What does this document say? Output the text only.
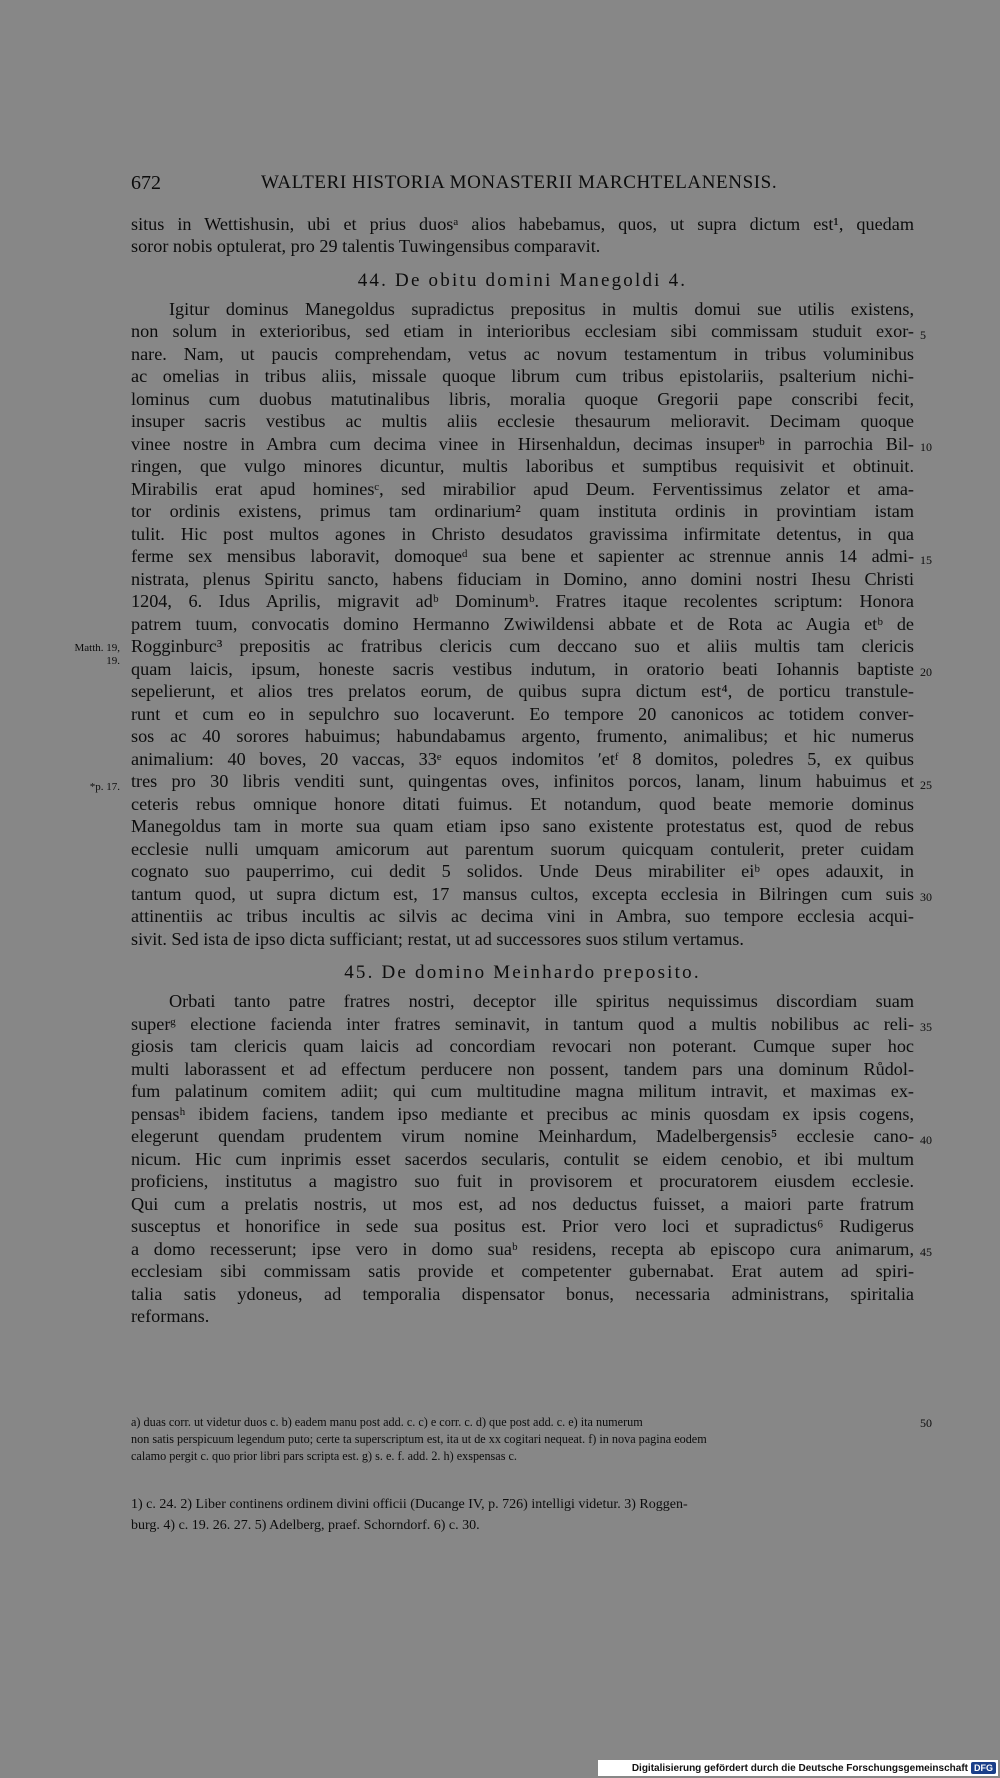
672	WALTERI HISTORIA MONASTERII MARCHTELANENSIS.
situs in Wettishusin, ubi et prius duosᵃ alios habebamus, quos, ut supra dictum est¹, quedam
soror nobis optulerat, pro 29 talentis Tuwingensibus comparavit.
44. De obitu domini Manegoldi 4.
Igitur dominus Manegoldus supradictus prepositus in multis domui sue utilis existens,
non solum in exterioribus, sed etiam in interioribus ecclesiam sibi commissam studuit exor-
nare. Nam, ut paucis comprehendam, vetus ac novum testamentum in tribus voluminibus
ac omelias in tribus aliis, missale quoque librum cum tribus epistolariis, psalterium nichi-
lominus cum duobus matutinalibus libris, moralia quoque Gregorii pape conscribi fecit,
insuper sacris vestibus ac multis aliis ecclesie thesaurum melioravit. Decimam quoque
vinee nostre in Ambra cum decima vinee in Hirsenhaldun, decimas insuperᵇ in parrochia Bil-
ringen, que vulgo minores dicuntur, multis laboribus et sumptibus requisivit et obtinuit.
Mirabilis erat apud hominesᶜ, sed mirabilior apud Deum. Ferventissimus zelator et ama-
tor ordinis existens, primus tam ordinarium² quam instituta ordinis in provintiam istam
tulit. Hic post multos agones in Christo desudatos gravissima infirmitate detentus, in qua
ferme sex mensibus laboravit, domoqueᵈ sua bene et sapienter ac strennue annis 14 admi-
nistrata, plenus Spiritu sancto, habens fiduciam in Domino, anno domini nostri Ihesu Christi
1204, 6. Idus Aprilis, migravit adᵇ Dominumᵇ. Fratres itaque recolentes scriptum: Honora
patrem tuum, convocatis domino Hermanno Zwiwildensi abbate et de Rota ac Augia etᵇ de
Rogginburc³ prepositis ac fratribus clericis cum deccano suo et aliis multis tam clericis
quam laicis, ipsum, honeste sacris vestibus indutum, in oratorio beati Iohannis baptiste
sepelierunt, et alios tres prelatos eorum, de quibus supra dictum est⁴, de porticu transtule-
runt et cum eo in sepulchro suo locaverunt. Eo tempore 20 canonicos ac totidem conver-
sos ac 40 sorores habuimus; habundabamus argento, frumento, animalibus; et hic numerus
animalium: 40 boves, 20 vaccas, 33ᵉ equos indomitos ʹetᶠ 8 domitos, poledres 5, ex quibus
tres pro 30 libris venditi sunt, quingentas oves, infinitos porcos, lanam, linum habuimus et
ceteris rebus omnique honore ditati fuimus. Et notandum, quod beate memorie dominus
Manegoldus tam in morte sua quam etiam ipso sano existente protestatus est, quod de rebus
ecclesie nulli umquam amicorum aut parentum suorum quicquam contulerit, preter cuidam
cognato suo pauperrimo, cui dedit 5 solidos. Unde Deus mirabiliter eiᵇ opes adauxit, in
tantum quod, ut supra dictum est, 17 mansus cultos, excepta ecclesia in Bilringen cum suis
attinentiis ac tribus incultis ac silvis ac decima vini in Ambra, suo tempore ecclesia acqui-
sivit. Sed ista de ipso dicta sufficiant; restat, ut ad successores suos stilum vertamus.
45. De domino Meinhardo preposito.
Orbati tanto patre fratres nostri, deceptor ille spiritus nequissimus discordiam suam
superᵍ electione facienda inter fratres seminavit, in tantum quod a multis nobilibus ac reli-
giosis tam clericis quam laicis ad concordiam revocari non poterant. Cumque super hoc
multi laborassent et ad effectum perducere non possent, tandem pars una dominum Růdol-
fum palatinum comitem adiit; qui cum multitudine magna militum intravit, et maximas ex-
pensasʰ ibidem faciens, tandem ipso mediante et precibus ac minis quosdam ex ipsis cogens,
elegerunt quendam prudentem virum nomine Meinhardum, Madelbergensis⁵ ecclesie cano-
nicum. Hic cum inprimis esset sacerdos secularis, contulit se eidem cenobio, et ibi multum
proficiens, institutus a magistro suo fuit in provisorem et procuratorem eiusdem ecclesie.
Qui cum a prelatis nostris, ut mos est, ad nos deductus fuisset, a maiori parte fratrum
susceptus et honorifice in sede sua positus est. Prior vero loci et supradictus⁶ Rudigerus
a domo recesserunt; ipse vero in domo suaᵇ residens, recepta ab episcopo cura animarum,
ecclesiam sibi commissam satis provide et competenter gubernabat. Erat autem ad spiri-
talia satis ydoneus, ad temporalia dispensator bonus, necessaria administrans, spiritalia
reformans.
5
10
15
20
25
30
35
40
45
50
Matth. 19,
19.
*p. 17.
a) duas corr. ut videtur duos c. b) eadem manu post add. c. c) e corr. c. d) que post add. c. e) ita numerum
non satis perspicuum legendum puto; certe ta superscriptum est, ita ut de xx cogitari nequeat. f) in nova pagina eodem
calamo pergit c. quo prior libri pars scripta est. g) s. e. f. add. 2. h) exspensas c.
1) c. 24. 2) Liber continens ordinem divini officii (Ducange IV, p. 726) intelligi videtur. 3) Roggen-
burg. 4) c. 19. 26. 27. 5) Adelberg, praef. Schorndorf. 6) c. 30.
Digitalisierung gefördert durch die Deutsche Forschungsgemeinschaft DFG
